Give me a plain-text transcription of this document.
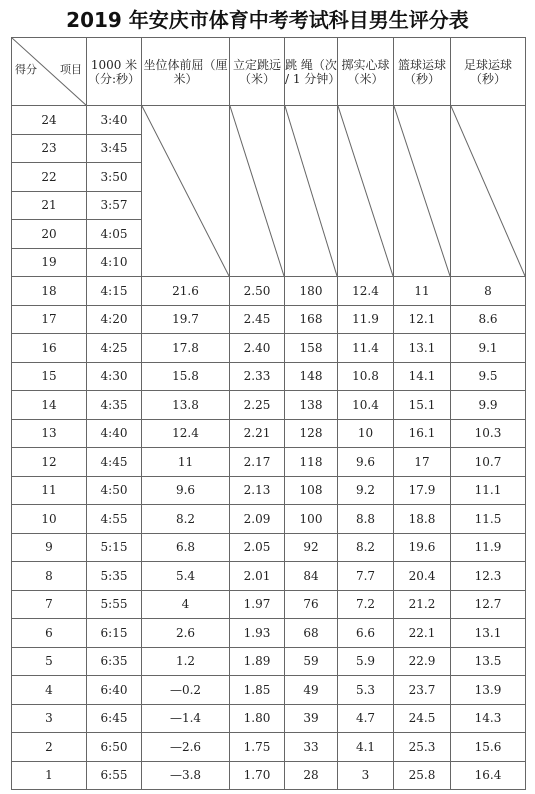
2019 年安庆市体育中考考试科目男生评分表
得分 项目	1000 米（分:秒）	坐位体前屈（厘米）	立定跳远（米）	跳 绳（次 / 1 分钟）	掷实心球（米）	篮球运球（秒）	足球运球（秒）
24	3:40	

23	3:45						
22	3:50						
21	3:57						
20	4:05						
19	4:10						
18	4:15	21.6	2.50	180	12.4	11	8
17	4:20	19.7	2.45	168	11.9	12.1	8.6
16	4:25	17.8	2.40	158	11.4	13.1	9.1
15	4:30	15.8	2.33	148	10.8	14.1	9.5
14	4:35	13.8	2.25	138	10.4	15.1	9.9
13	4:40	12.4	2.21	128	10	16.1	10.3
12	4:45	11	2.17	118	9.6	17	10.7
11	4:50	9.6	2.13	108	9.2	17.9	11.1
10	4:55	8.2	2.09	100	8.8	18.8	11.5
9	5:15	6.8	2.05	92	8.2	19.6	11.9
8	5:35	5.4	2.01	84	7.7	20.4	12.3
7	5:55	4	1.97	76	7.2	21.2	12.7
6	6:15	2.6	1.93	68	6.6	22.1	13.1
5	6:35	1.2	1.89	59	5.9	22.9	13.5
4	6:40	—0.2	1.85	49	5.3	23.7	13.9
3	6:45	—1.4	1.80	39	4.7	24.5	14.3
2	6:50	—2.6	1.75	33	4.1	25.3	15.6
1	6:55	—3.8	1.70	28	3	25.8	16.4
